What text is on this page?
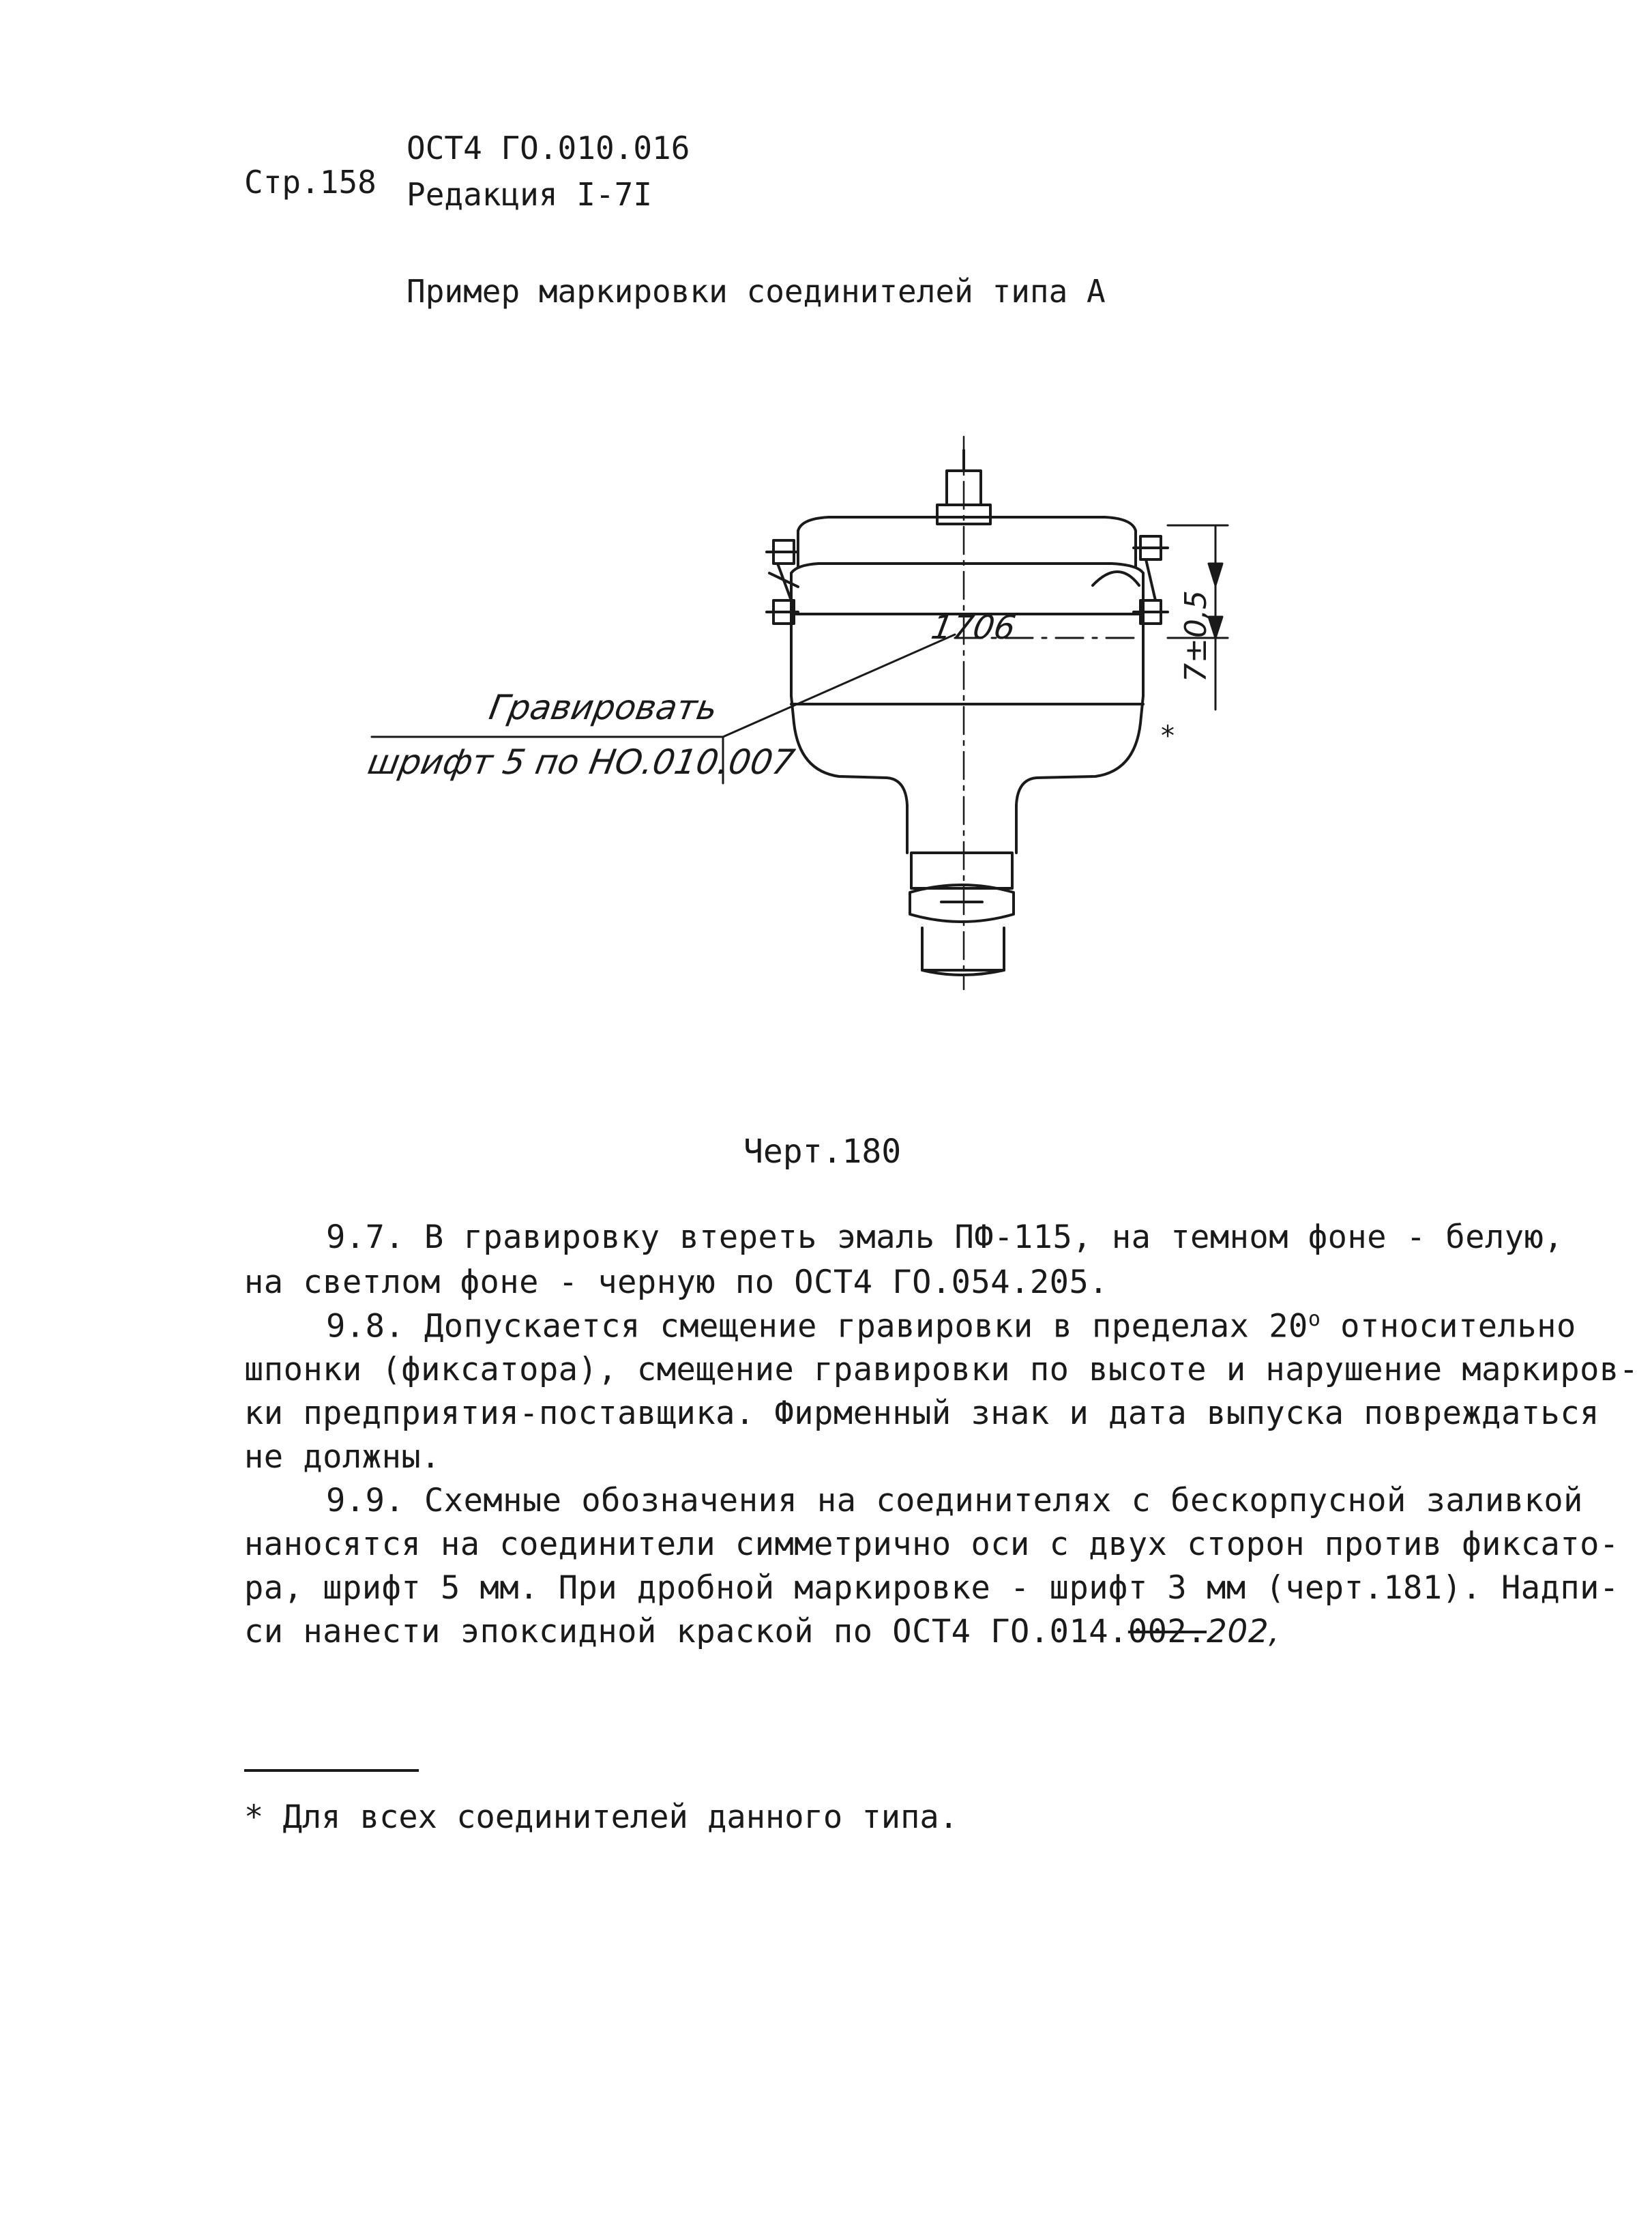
Стр.158
ОСТ4 ГО.010.016
Редакция I-7I
Пример маркировки соединителей типа А
Гравировать
шрифт 5 по НО.010.007
1706	7±0,5
*
Черт.180
9.7. В гравировку втереть эмаль ПФ-115, на темном фоне - белую,
на светлом фоне - черную по ОСТ4 ГО.054.205.
9.8. Допускается смещение гравировки в пределах $20^о$ относительно
шпонки (фиксатора), смещение гравировки по высоте и нарушение маркиров-
ки предприятия-поставщика. Фирменный знак и дата выпуска повреждаться
не должны.
9.9. Схемные обозначения на соединителях с бескорпусной заливкой
наносятся на соединители симметрично оси с двух сторон против фиксато-
ра, шрифт 5 мм. При дробной маркировке - шрифт 3 мм (черт.181). Надпи-
си нанести эпоксидной краской по ОСТ4 ГО.014.002.202,
* Для всех соединителей данного типа.
